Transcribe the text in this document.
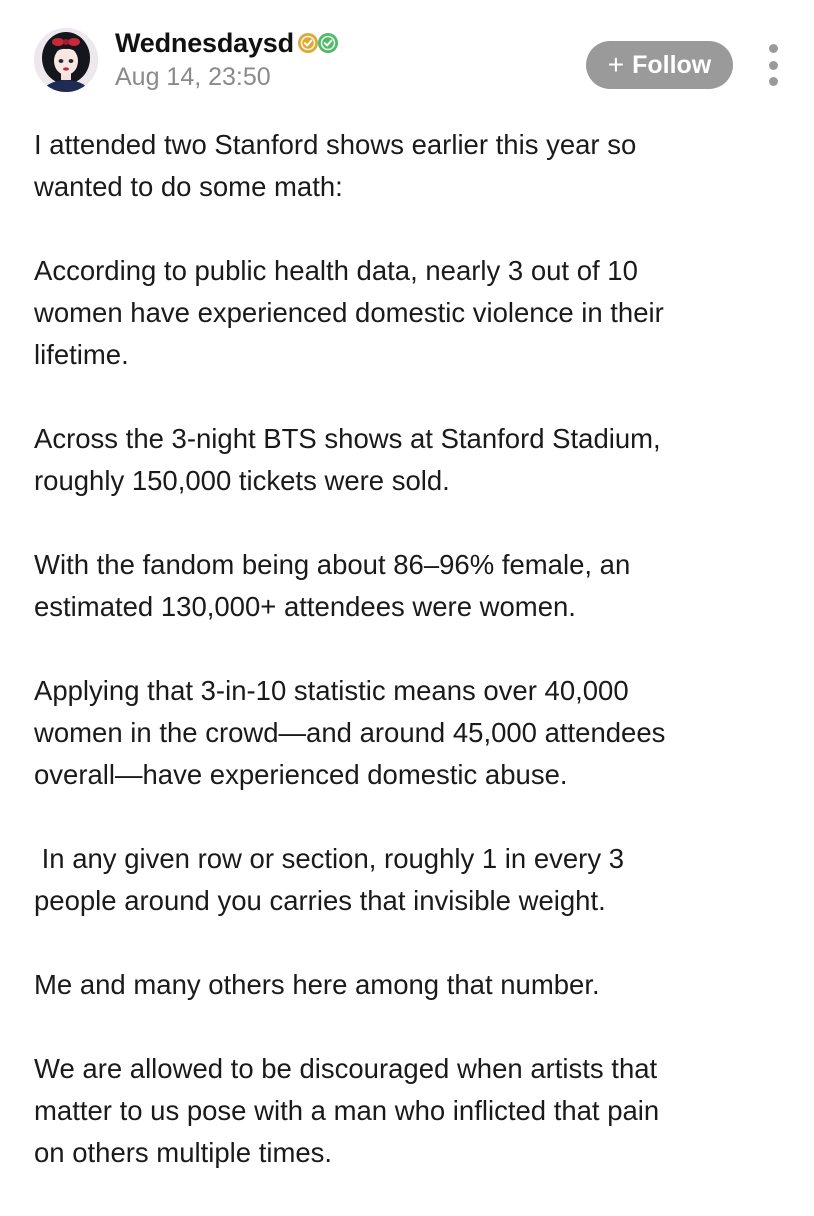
Wednesdaysd
Aug 14, 23:50	+ Follow

I attended two Stanford shows earlier this year so
wanted to do some math:

According to public health data, nearly 3 out of 10
women have experienced domestic violence in their
lifetime.

Across the 3-night BTS shows at Stanford Stadium,
roughly 150,000 tickets were sold.

With the fandom being about 86–96% female, an
estimated 130,000+ attendees were women.

Applying that 3-in-10 statistic means over 40,000
women in the crowd—and around 45,000 attendees
overall—have experienced domestic abuse.

In any given row or section, roughly 1 in every 3
people around you carries that invisible weight.

Me and many others here among that number.

We are allowed to be discouraged when artists that
matter to us pose with a man who inflicted that pain
on others multiple times.
